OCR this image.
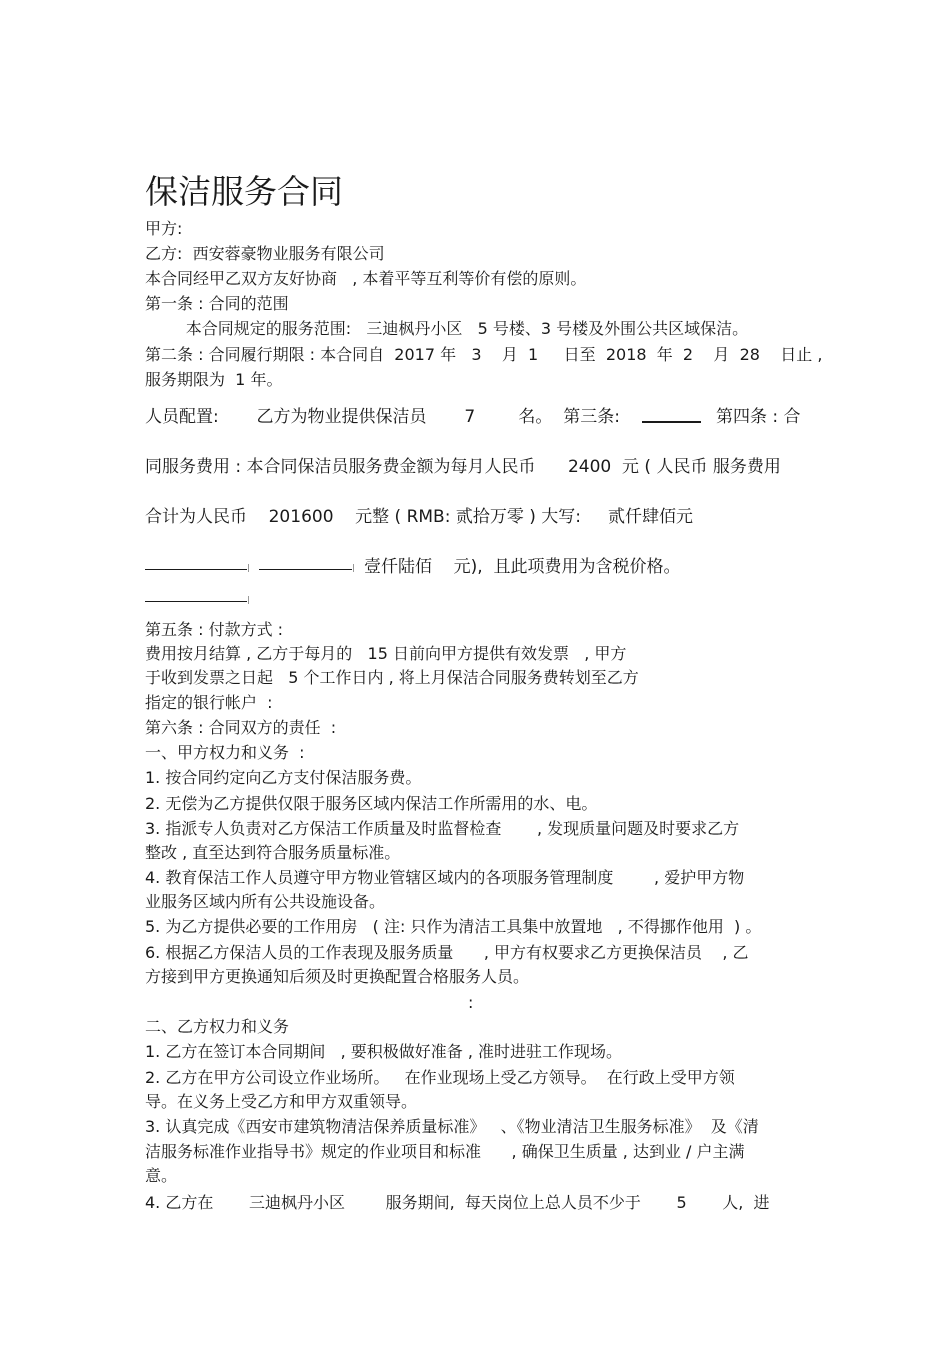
保洁服务合同
甲方:
乙方:  西安蓉豪物业服务有限公司
本合同经甲乙双方友好协商   , 本着平等互利等价有偿的原则。
第一条 : 合同的范围
本合同规定的服务范围:   三迪枫丹小区   5 号楼、3 号楼及外围公共区域保洁。
第二条 : 合同履行期限 : 本合同自  2017 年   3    月  1     日至  2018  年  2    月  28    日止 ,
服务期限为  1 年。
人员配置:       乙方为物业提供保洁员       7        名。  第三条:	第四条 : 合
同服务费用 : 本合同保洁员服务费金额为每月人民币      2400  元 ( 人民币 服务费用
合计为人民币    201600    元整 ( RMB: 贰拾万零 ) 大写:     贰仟肆佰元
壹仟陆佰    元),  且此项费用为含税价格。
第五条 : 付款方式 :
费用按月结算 , 乙方于每月的   15 日前向甲方提供有效发票   , 甲方
于收到发票之日起   5 个工作日内 , 将上月保洁合同服务费转划至乙方
指定的银行帐户  :
第六条 : 合同双方的责任  :
一、甲方权力和义务  :
1. 按合同约定向乙方支付保洁服务费。
2. 无偿为乙方提供仅限于服务区域内保洁工作所需用的水、电。
3. 指派专人负责对乙方保洁工作质量及时监督检查       , 发现质量问题及时要求乙方
整改 , 直至达到符合服务质量标准。
4. 教育保洁工作人员遵守甲方物业管辖区域内的各项服务管理制度        , 爱护甲方物
业服务区域内所有公共设施设备。
5. 为乙方提供必要的工作用房   ( 注: 只作为清洁工具集中放置地   , 不得挪作他用  ) 。
6. 根据乙方保洁人员的工作表现及服务质量      , 甲方有权要求乙方更换保洁员    , 乙
方接到甲方更换通知后须及时更换配置合格服务人员。
:
二、乙方权力和义务
1. 乙方在签订本合同期间   , 要积极做好准备 , 准时进驻工作现场。
2. 乙方在甲方公司设立作业场所。   在作业现场上受乙方领导。  在行政上受甲方领
导。在义务上受乙方和甲方双重领导。
3. 认真完成《西安市建筑物清洁保养质量标准》   、《物业清洁卫生服务标准》  及《清
洁服务标准作业指导书》规定的作业项目和标准      , 确保卫生质量 , 达到业 / 户主满
意。
4. 乙方在       三迪枫丹小区        服务期间,  每天岗位上总人员不少于       5       人,  进
